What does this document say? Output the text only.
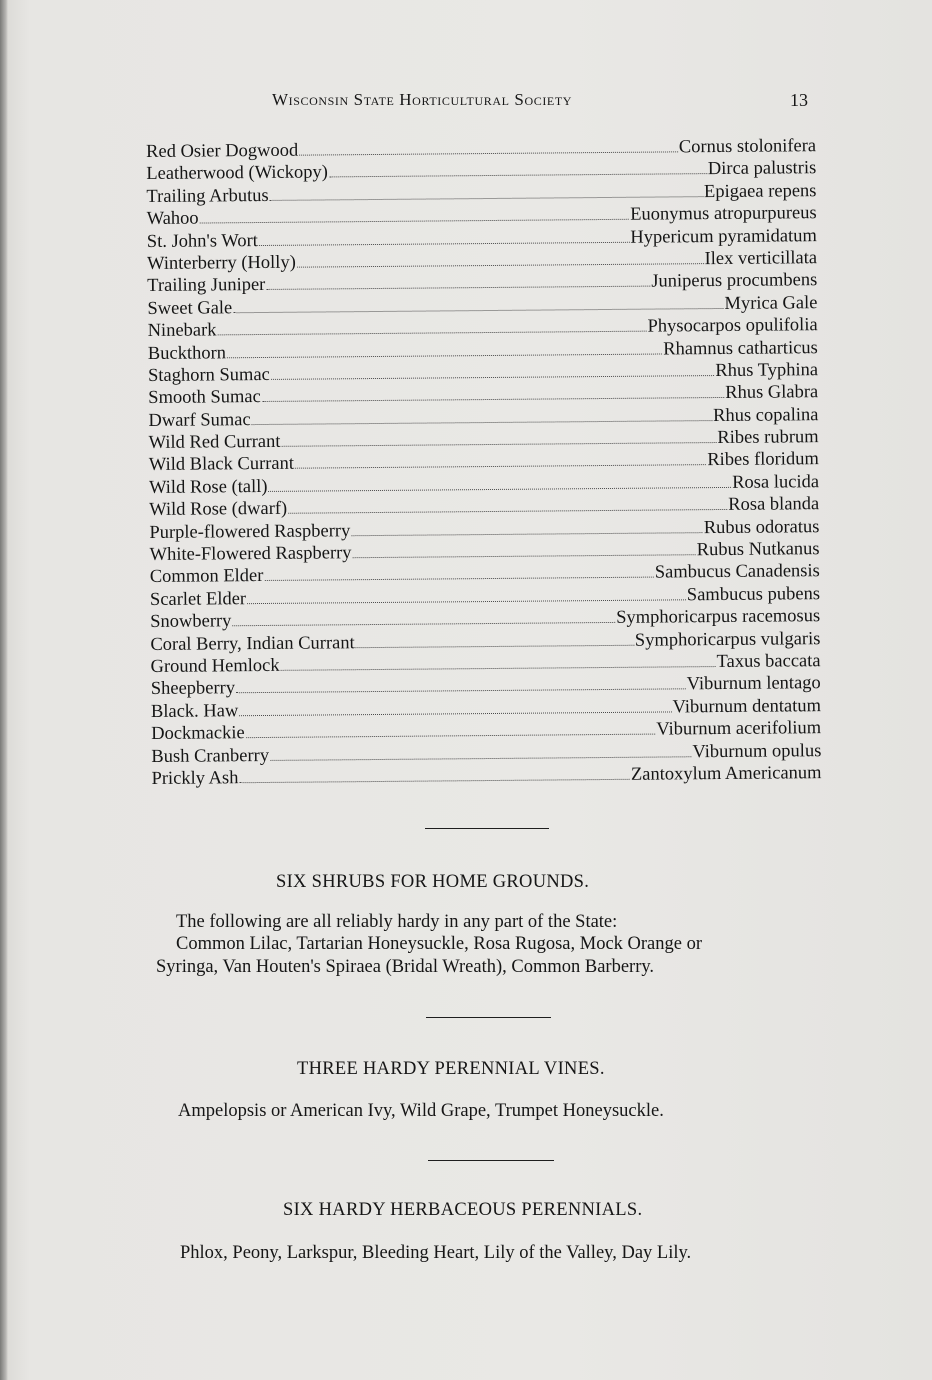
Wisconsin State Horticultural Society	13
Red Osier Dogwood	Cornus stolonifera
Leatherwood (Wickopy)	Dirca palustris
Trailing Arbutus	Epigaea repens
Wahoo	Euonymus atropurpureus
St. John's Wort	Hypericum pyramidatum
Winterberry (Holly)	Ilex verticillata
Trailing Juniper	Juniperus procumbens
Sweet Gale	Myrica Gale
Ninebark	Physocarpos opulifolia
Buckthorn	Rhamnus catharticus
Staghorn Sumac	Rhus Typhina
Smooth Sumac	Rhus Glabra
Dwarf Sumac	Rhus copalina
Wild Red Currant	Ribes rubrum
Wild Black Currant	Ribes floridum
Wild Rose (tall)	Rosa lucida
Wild Rose (dwarf)	Rosa blanda
Purple-flowered Raspberry	Rubus odoratus
White-Flowered Raspberry	Rubus Nutkanus
Common Elder	Sambucus Canadensis
Scarlet Elder	Sambucus pubens
Snowberry	Symphoricarpus racemosus
Coral Berry, Indian Currant	Symphoricarpus vulgaris
Ground Hemlock	Taxus baccata
Sheepberry	Viburnum lentago
Black. Haw	Viburnum dentatum
Dockmackie	Viburnum acerifolium
Bush Cranberry	Viburnum opulus
Prickly Ash	Zantoxylum Americanum
SIX SHRUBS FOR HOME GROUNDS.
The following are all reliably hardy in any part of the State:
Common Lilac, Tartarian Honeysuckle, Rosa Rugosa, Mock Orange or
Syringa, Van Houten's Spiraea (Bridal Wreath), Common Barberry.
THREE HARDY PERENNIAL VINES.
Ampelopsis or American Ivy, Wild Grape, Trumpet Honeysuckle.
SIX HARDY HERBACEOUS PERENNIALS.
Phlox, Peony, Larkspur, Bleeding Heart, Lily of the Valley, Day Lily.
